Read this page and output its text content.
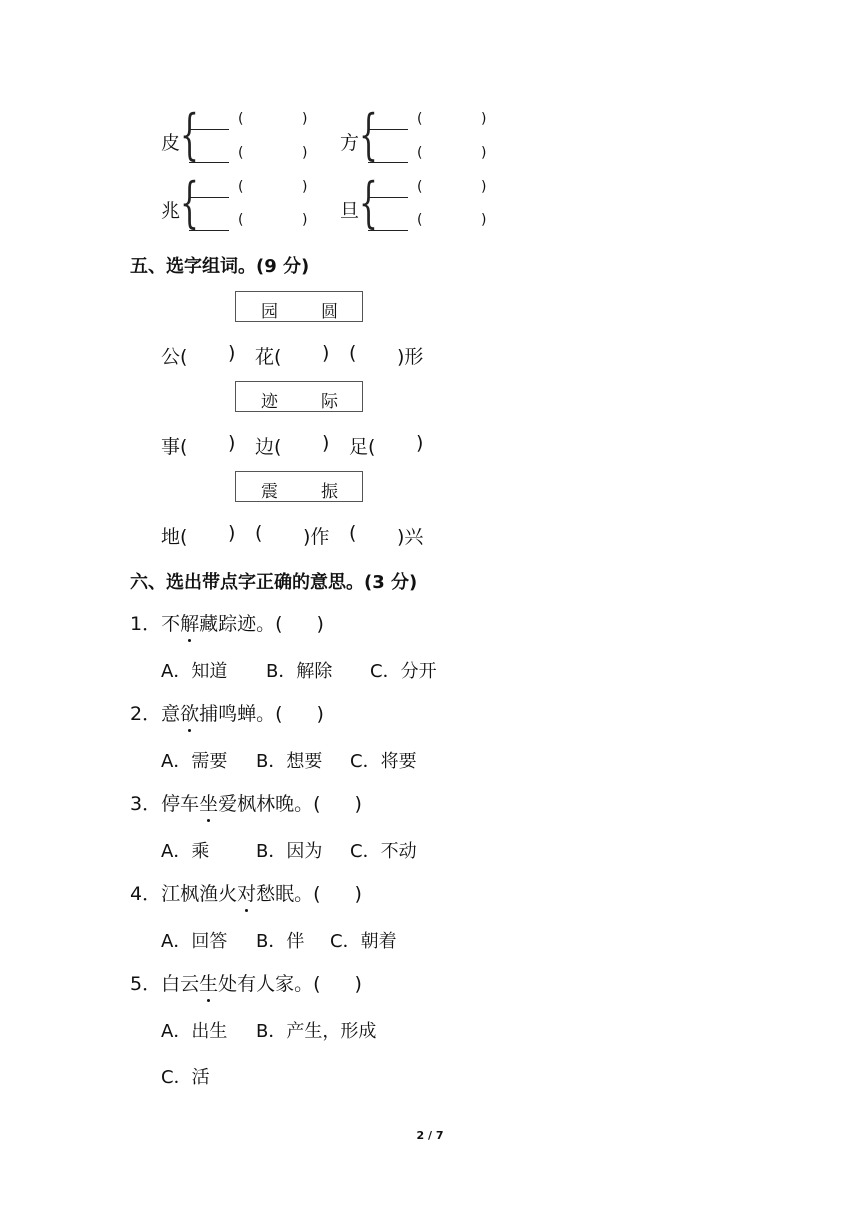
皮 {	(	)
(	) 方 {	(	)
(	)
兆 {	(	)
(	) 旦 {	(	)
(	)
五、选字组词。(9 分)
园	圆
公( ) 花( ) ( )形
迹	际
事( ) 边( ) 足( )
震	振
地( ) ( )作 ( )兴
六、选出带点字正确的意思。(3 分)
1．不解藏踪迹。( )
A．知道 B．解除 C．分开
2．意欲捕鸣蝉。( )
A．需要 B．想要 C．将要
3．停车坐爱枫林晚。( )
A．乘	B．因为 C．不动
4．江枫渔火对愁眠。( )
A．回答 B．伴 C．朝着
5．白云生处有人家。( )
A．出生 B．产生，形成
C．活
2 / 7
